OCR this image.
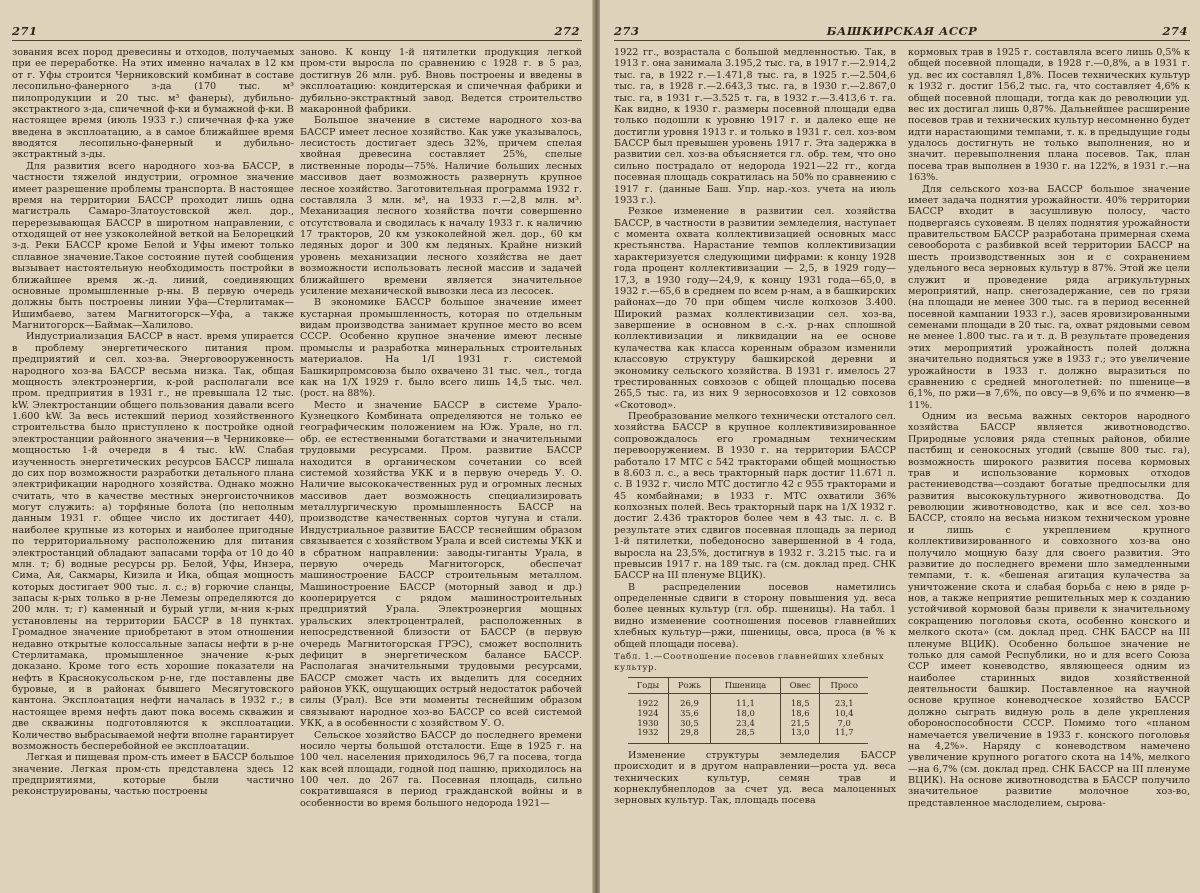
271	272

зования всех пород древесины и отходов, получаемых при ее переработке. На этих именно началах в 12 км от г. Уфы строится Черниковский комбинат в составе лесопильно-фанерного з-да (170 тыс. м³ пилопродукции и 20 тыс. м³ фанеры), дубильно-экстрактного з-да, спичечной ф-ки и бумажной ф-ки. В настоящее время (июль 1933 г.) спичечная ф-ка уже введена в эксплоатацию, а в самое ближайшее время вводятся лесопильно-фанерный и дубильно-экстрактный з-ды.

Для развития всего народного хоз-ва БАССР, в частности тяжелой индустрии, огромное значение имеет разрешение проблемы транспорта. В настоящее время на территории БАССР проходит лишь одна магистраль Самаро-Златоустовской жел. дор., перерезывающая БАССР в широтном направлении, с отходящей от нее узкоколейной веткой на Белорецкий з-д. Реки БАССР кроме Белой и Уфы имеют только сплавное значение.Такое состояние путей сообщения вызывает настоятельную необходимость постройки в ближайшее время ж.-д. линий, соединяющих основные промышленные р-ны. В первую очередь должны быть построены линии Уфа—Стерлитамак—Ишимбаево, затем Магнитогорск—Уфа, а также Магнитогорск—Баймак—Халилово.

Индустриализация БАССР в наст. время упирается в проблему энергетического питания пром. предприятий и сел. хоз-ва. Энерговооруженность народного хоз-ва БАССР весьма низка. Так, общая мощность электроэнергии, к-рой располагали все пром. предприятия в 1931 г., не превышала 12 тыс. kW. Электростанции общего пользования давали всего 1.600 kW. За весь истекший период хозяйственного строительства было приступлено к постройке одной электростанции районного значения—в Черниковке—мощностью 1-й очереди в 4 тыс. kW. Слабая изученность энергетических ресурсов БАССР лишала до сих пор возможности разработки детального плана электрификации народного хозяйства. Однако можно считать, что в качестве местных энергоисточников могут служить: а) торфяные болота (по неполным данным 1931 г. общее число их достигает 440), наиболее крупные из которых и наиболее пригодные по территориальному расположению для питания электростанций обладают запасами торфа от 10 до 40 млн. т; б) водные ресурсы рр. Белой, Уфы, Инзера, Сима, Ая, Сакмары, Кизила и Ика, общая мощность которых достигает 900 тыс. л. с.; в) горючие сланцы, запасы к-рых только в р-не Лемезы определяются до 200 млн. т; г) каменный и бурый угли, м-ния к-рых установлены на территории БАССР в 18 пунктах. Громадное значение приобретают в этом отношении недавно открытые колоссальные запасы нефти в р-не Стерлитамака, промышленное значение к-рых доказано. Кроме того есть хорошие показатели на нефть в Краснокусольском р-не, где поставлены две буровые, и в районах бывшего Месягутовского кантона. Эксплоатация нефти началась в 1932 г.; в настоящее время нефть дают пока восемь скважин и две скважины подготовляются к эксплоатации. Количество выбрасываемой нефти вполне гарантирует возможность бесперебойной ее эксплоатации.

Легкая и пищевая пром-сть имеет в БАССР большое значение. Легкая пром-сть представлена здесь 12 предприятиями, которые были частично реконструированы, частью построены

заново. К концу 1-й пятилетки продукция легкой пром-сти выросла по сравнению с 1928 г. в 5 раз, достигнув 26 млн. руб. Вновь построены и введены в эксплоатацию: кондитерская и спичечная фабрики и дубильно-экстрактный завод. Ведется строительство макаронной фабрики.

Большое значение в системе народного хоз-ва БАССР имеет лесное хозяйство. Как уже указывалось, лесистость достигает здесь 32%, причем спелая хвойная древесина составляет 25%, спелые лиственные породы—75%. Наличие больших лесных массивов дает возможность развернуть крупное лесное хозяйство. Заготовительная программа 1932 г. составляла 3 млн. м³, на 1933 г.—2,8 млн. м³. Механизация лесного хозяйства почти совершенно отсутствовала и сводилась к началу 1933 г. к наличию 17 тракторов, 20 км узкоколейной жел. дор., 60 км ледяных дорог и 300 км ледяных. Крайне низкий уровень механизации лесного хозяйства не дает возможности использовать лесной массив и задачей ближайшего времени является значительное усиление механической вывозки леса из лесосек.

В экономике БАССР большое значение имеет кустарная промышленность, которая по отдельным видам производства занимает крупное место во всем СССР. Особенно крупное значение имеют лесные промыслы и разработка минеральных строительных материалов. На 1/I 1931 г. системой Башкирпромсоюза было охвачено 31 тыс. чел., тогда как на 1/X 1929 г. было всего лишь 14,5 тыс. чел. (рост. на 88%).

Место и значение БАССР в системе Урало-Кузнецкого Комбината определяются не только ее географическим положением на Юж. Урале, но гл. обр. ее естественными богатствами и значительными трудовыми ресурсами. Пром. развитие БАССР находится в органическом сочетании со всей системой хозяйства УКК и в первую очередь У. О. Наличие высококачественных руд и огромных лесных массивов дает возможность специализировать металлургическую промышленность БАССР на производстве качественных сортов чугуна и стали. Индустриальное развитие БАССР теснейшим образом связывается с хозяйством Урала и всей системы УКК и в сбратном направлении: заводы-гиганты Урала, в первую очередь Магнитогорск, обеспечат машиностроение БАССР строительным металлом. Машиностроение БАССР (моторный завод и др.) кооперируется с рядом машиностроительных предприятий Урала. Электроэнергия мощных уральских электроцентралей, расположенных в непосредственной близости от БАССР (в первую очередь Магнитогорская ГРЭС), сможет восполнить дефицит в энергетическом балансе БАССР. Располагая значительными трудовыми ресурсами, БАССР сможет часть их выделить для соседних районов УКК, ощущающих острый недостаток рабочей силы (Урал). Все эти моменты теснейшим образом связывают народное хоз-во БАССР со всей системой УКК, а в особенности с хозяйством У. О.

Сельское хозяйство БАССР до последнего времени носило черты большой отсталости. Еще в 1925 г. на 100 чел. населения приходилось 96,7 га посева, тогда как всей площади, годной под пашню, приходилось на 100 чел. до 267 га. Посевная площадь, сильно сократившаяся в период гражданской войны и в особенности во время большого недорода 1921—

273	БАШКИРСКАЯ АССР	274

1922 гг., возрастала с большой медленностью. Так, в 1913 г. она занимала 3.195,2 тыс. га, в 1917 г.—2.914,2 тыс. га, в 1922 г.—1.471,8 тыс. га, в 1925 г.—2.504,6 тыс. га, в 1928 г.—2.643,3 тыс. га, в 1930 г.—2.867,0 тыс. га, в 1931 г.—3.525 т. га, в 1932 г.—3.413,6 т. га. Как видно, к 1930 г. размеры посевной площади едва только подошли к уровню 1917 г. и далеко еще не достигли уровня 1913 г. и только в 1931 г. сел. хоз-вом БАССР был превышен уровень 1917 г. Эта задержка в развитии сел. хоз-ва объясняется гл. обр. тем, что оно сильно пострадало от недорода 1921—22 гг., когда посевная площадь сократилась на 50% по сравнению с 1917 г. (данные Баш. Упр. нар.-хоз. учета на июль 1933 г.).

Резкое изменение в развитии сел. хозяйства БАССР, в частности в развитии земледелия, наступает с момента охвата коллективизацией основных масс крестьянства. Нарастание темпов коллективизации характеризуется следующими цифрами: к концу 1928 года процент коллективизации — 2,5, в 1929 году—17,3, в 1930 году—24,9, к концу 1931 года—65,0, в 1932 г.—65,6 в среднем по всем р-нам, а в башкирских районах—до 70 при общем числе колхозов 3.400. Широкий размах коллективизации сел. хоз-ва, завершение в основном в с.-х. р-нах сплошной коллективизации и ликвидации на ее основе кулачества как класса коренным образом изменили классовую структуру башкирской деревни и экономику сельского хозяйства. В 1931 г. имелось 27 трестированных совхозов с общей площадью посева 265,5 тыс. га, из них 9 зерносовхозов и 12 совхозов «Скотовод».

Преобразование мелкого технически отсталого сел. хозяйства БАССР в крупное коллективизированное сопровождалось его громадным техническим перевооружением. В 1930 г. на территории БАССР работало 17 МТС с 542 тракторами общей мощностью в 8.603 л. с., а весь тракторный парк достиг 11.671 л. с. В 1932 г. число МТС достигло 42 с 955 тракторами и 45 комбайнами; в 1933 г. МТС охватили 36% колхозных полей. Весь тракторный парк на 1/X 1932 г. достиг 2.436 тракторов более чем в 43 тыс. л. с. В результате этих сдвигов посевная площадь за период 1-й пятилетки, победоносно завершенной в 4 года, выросла на 23,5%, достигнув в 1932 г. 3.215 тыс. га и превысив 1917 г. на 189 тыс. га (см. доклад пред. СНК БАССР на III пленуме ВЦИК).

В распределении посевов наметились определенные сдвиги в сторону повышения уд. веса более ценных культур (гл. обр. пшеницы). На табл. 1 видно изменение соотношения посевов главнейших хлебных культур—ржи, пшеницы, овса, проса (в % к общей площади посева).

Табл. 1.—Соотношение посевов главнейших хлебных культур.
Годы	Рожь	Пшеница	Овес	Просо
1922	26,9	11,1	18,5	23,1
1924	35,6	18,0	18,6	10,4
1930	30,5	23,4	21,5	7,0
1932	29,8	28,5	13,0	11,7

Изменение структуры земледелия БАССР происходит и в другом направлении—роста уд. веса технических культур, семян трав и корнеклубнеплодов за счет уд. веса малоценных зерновых культур. Так, площадь посева

кормовых трав в 1925 г. составляла всего лишь 0,5% к общей посевной площади, в 1928 г.—0,8%, а в 1931 г. уд. вес их составлял 1,8%. Посев технических культур к 1932 г. достиг 156,2 тыс. га, что составляет 4,6% к общей посевной площади, тогда как до революции уд. вес их достигал лишь 0,87%. Дальнейшее расширение посевов трав и технических культур несомненно будет идти нарастающими темпами, т. к. в предыдущие годы удалось достигнуть не только выполнения, но и значит. перевыполнения плана посевов. Так, план посева трав выполнен в 1930 г. на 122%, в 1931 г.—на 163%.

Для сельского хоз-ва БАССР большое значение имеет задача поднятия урожайности. 40% территории БАССР входит в засушливую полосу, часто подвергаясь суховеям. В целях поднятия урожайности правительством БАССР разработана примерная схема севооборота с разбивкой всей территории БАССР на шесть производственных зон и с сохранением удельного веса зерновых культур в 87%. Этой же цели служит и проведение ряда агрикультурных мероприятий, напр. снегозадержание, сев по грязи (на площади не менее 300 тыс. га в период весенней посевной кампании 1933 г.), засев яровизированными семенами площади в 20 тыс. га, охват рядовыми севом не менее 1.800 тыс. га и т. д. В результате проведения этих мероприятий урожайность полей должна значительно подняться уже в 1933 г.; это увеличение урожайности в 1933 г. должно выразиться по сравнению с средней многолетней: по пшенице—в 6,1%, по ржи—в 7,6%, по овсу—в 9,6% и по ячменю—в 11%.

Одним из весьма важных секторов народного хозяйства БАССР является животноводство. Природные условия ряда степных районов, обилие пастбищ и сенокосных угодий (свыше 800 тыс. га), возможность широкого развития посева кормовых трав и использование кормовых отходов растениеводства—создают богатые предпосылки для развития высококультурного животноводства. До революции животноводство, как и все сел. хоз-во БАССР, стояло на весьма низком техническом уровне и лишь с укреплением крупного коллективизированного и совхозного хоз-ва оно получило мощную базу для своего развития. Это развитие до последнего времени шло замедленными темпами, т. к. «бешеная агитация кулачества за уничтожение скота и слабая борьба с нею в ряде р-нов, а также неприятие решительных мер к созданию устойчивой кормовой базы привели к значительному сокращению поголовья скота, особенно конского и мелкого скота» (см. доклад пред. СНК БАССР на III пленуме ВЦИК). Особенно большое значение не только для самой Республики, но и для всего Союза ССР имеет коневодство, являющееся одним из наиболее старинных видов хозяйственной деятельности башкир. Поставленное на научной основе крупное коневодческое хозяйство БАССР должно сыграть видную роль в деле укрепления обороноспособности СССР. Помимо того «планом намечается увеличение в 1933 г. конского поголовья на 4,2%». Наряду с коневодством намечено увеличение крупного рогатого скота на 14%, мелкого—на 6,7% (см. доклад пред. СНК БАССР на III пленуме ВЦИК). На основе животноводства в БАССР получило значительное развитие молочное хоз-во, представленное маслоделием, сырова-
